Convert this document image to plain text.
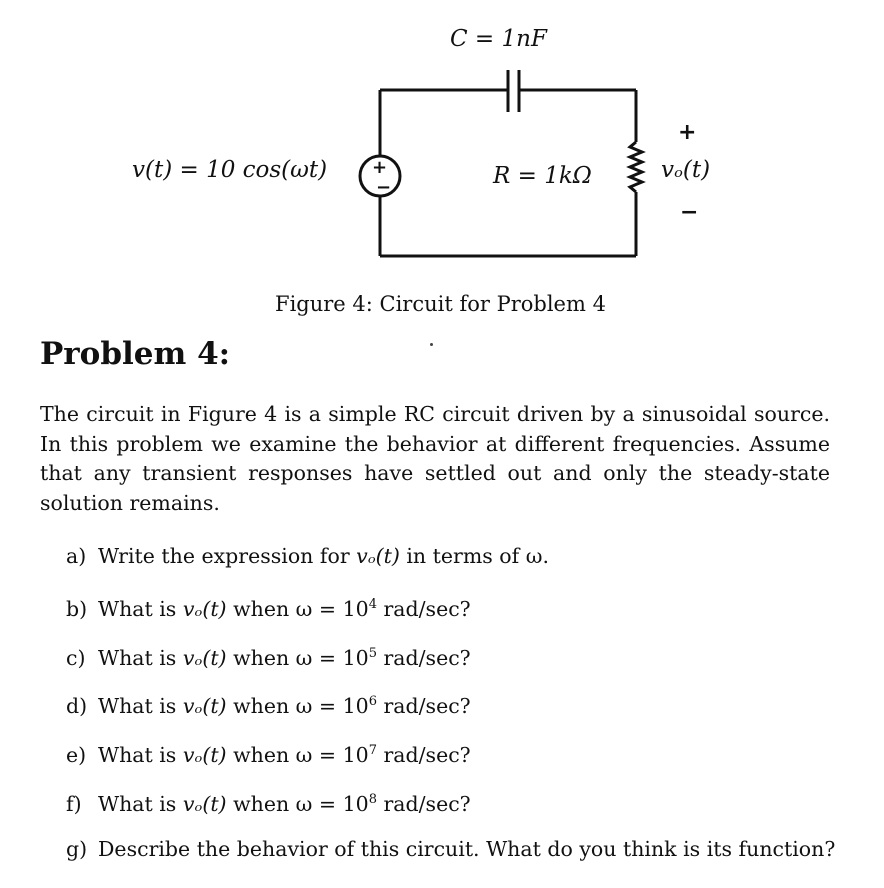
+
−
C = 1nF
v(t) = 10 cos(ωt)	R = 1kΩ	vₒ(t)
+
−
Figure 4: Circuit for Problem 4
Problem 4:

The circuit in Figure 4 is a simple RC circuit driven by a sinusoidal source. In this problem we examine the behavior at different frequencies. Assume that any transient responses have settled out and only the steady-state solution remains.

a) Write the expression for vₒ(t) in terms of ω.
b) What is vₒ(t) when $\omega = 10^4$ rad/sec?
c) What is vₒ(t) when $\omega = 10^5$ rad/sec?
d) What is vₒ(t) when $\omega = 10^6$ rad/sec?
e) What is vₒ(t) when $\omega = 10^7$ rad/sec?
f) What is vₒ(t) when $\omega = 10^8$ rad/sec?
g) Describe the behavior of this circuit. What do you think is its function?
